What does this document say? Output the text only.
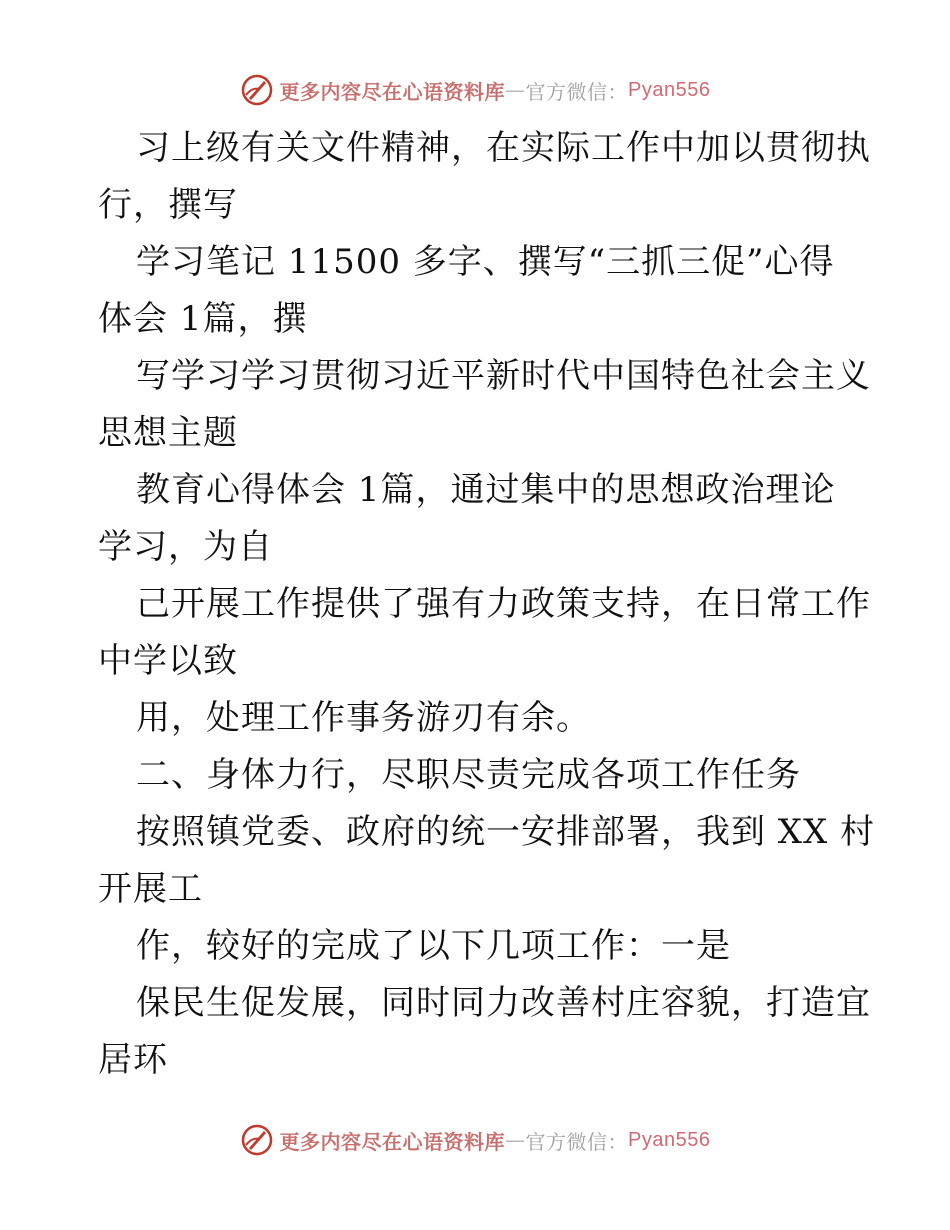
更多内容尽在心语资料库 — 官方微信： Pyan556
习上级有关文件精神，在实际工作中加以贯彻执
行，撰写
学习笔记 11500 多字、撰写“三抓三促”心得
体会 1篇，撰
写学习学习贯彻习近平新时代中国特色社会主义
思想主题
教育心得体会 1篇，通过集中的思想政治理论
学习，为自
己开展工作提供了强有力政策支持，在日常工作
中学以致
用，处理工作事务游刃有余。
二、身体力行，尽职尽责完成各项工作任务
按照镇党委、政府的统一安排部署，我到 XX 村
开展工
作，较好的完成了以下几项工作：一是
保民生促发展，同时同力改善村庄容貌，打造宜
居环
更多内容尽在心语资料库 — 官方微信： Pyan556
